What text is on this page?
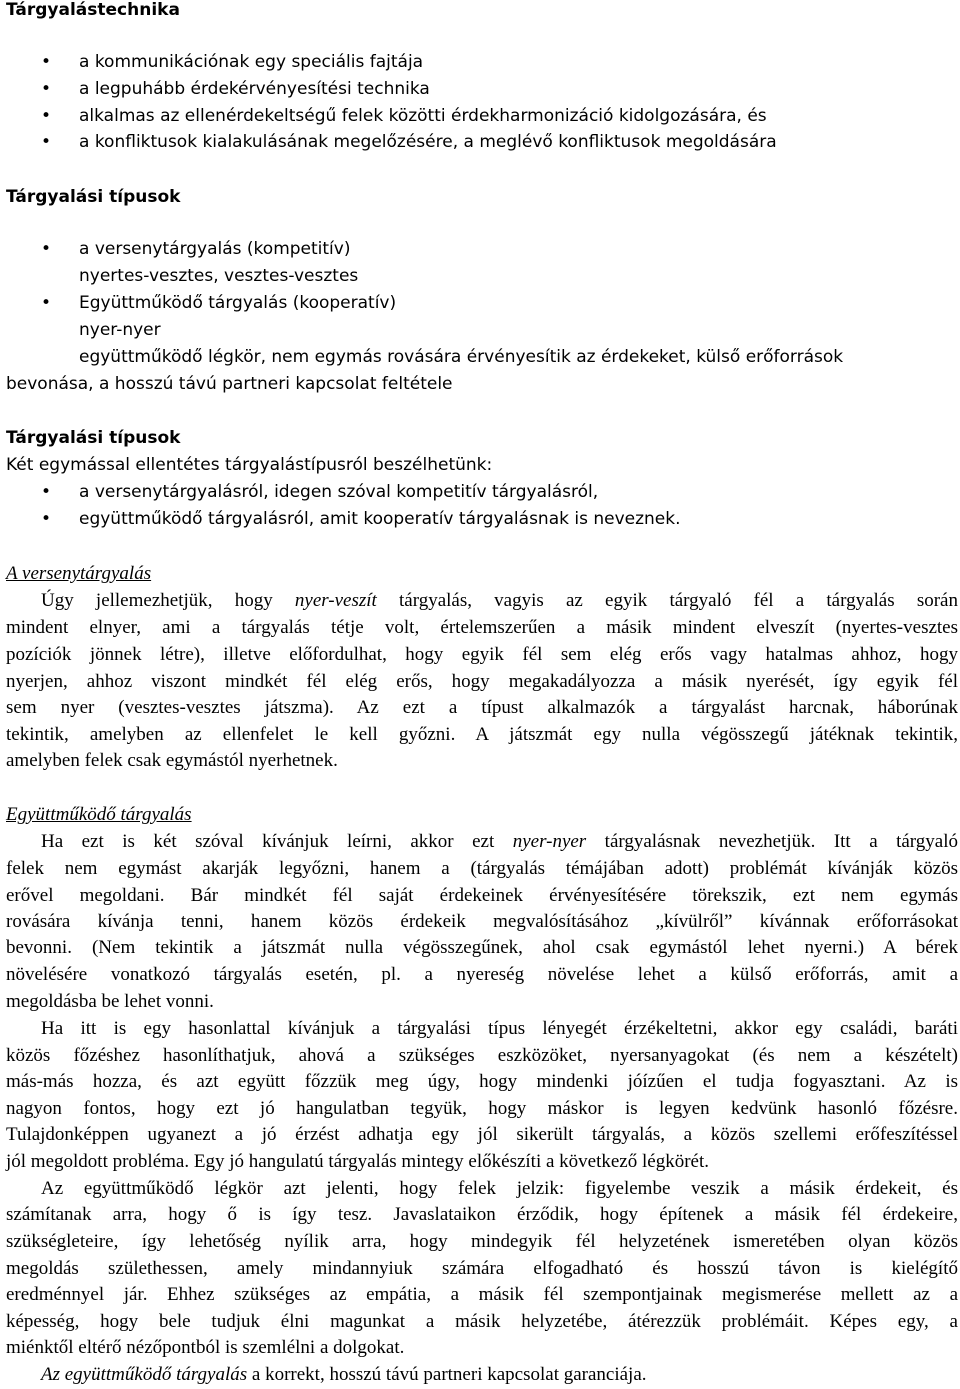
Tárgyalástechnika
• a kommunikációnak egy speciális fajtája
• a legpuhább érdekérvényesítési technika
• alkalmas az ellenérdekeltségű felek közötti érdekharmonizáció kidolgozására, és
• a konfliktusok kialakulásának megelőzésére, a meglévő konfliktusok megoldására
Tárgyalási típusok
• a versenytárgyalás (kompetitív)
nyertes-vesztes, vesztes-vesztes
• Együttműködő tárgyalás (kooperatív)
nyer-nyer
együttműködő légkör, nem egymás rovására érvényesítik az érdekeket, külső erőforrások
bevonása, a hosszú távú partneri kapcsolat feltétele
Tárgyalási típusok
Két egymással ellentétes tárgyalástípusról beszélhetünk:
• a versenytárgyalásról, idegen szóval kompetitív tárgyalásról,
• együttműködő tárgyalásról, amit kooperatív tárgyalásnak is neveznek.
A versenytárgyalás
Úgy jellemezhetjük, hogy nyer-veszít tárgyalás, vagyis az egyik tárgyaló fél a tárgyalás során
mindent elnyer, ami a tárgyalás tétje volt, értelemszerűen a másik mindent elveszít (nyertes-vesztes
pozíciók jönnek létre), illetve előfordulhat, hogy egyik fél sem elég erős vagy hatalmas ahhoz, hogy
nyerjen, ahhoz viszont mindkét fél elég erős, hogy megakadályozza a másik nyerését, így egyik fél
sem nyer (vesztes-vesztes játszma). Az ezt a típust alkalmazók a tárgyalást harcnak, háborúnak
tekintik, amelyben az ellenfelet le kell győzni. A játszmát egy nulla végösszegű játéknak tekintik,
amelyben felek csak egymástól nyerhetnek.
Együttműködő tárgyalás
Ha ezt is két szóval kívánjuk leírni, akkor ezt nyer-nyer tárgyalásnak nevezhetjük. Itt a tárgyaló
felek nem egymást akarják legyőzni, hanem a (tárgyalás témájában adott) problémát kívánják közös
erővel megoldani. Bár mindkét fél saját érdekeinek érvényesítésére törekszik, ezt nem egymás
rovására kívánja tenni, hanem közös érdekeik megvalósításához „kívülről” kívánnak erőforrásokat
bevonni. (Nem tekintik a játszmát nulla végösszegűnek, ahol csak egymástól lehet nyerni.) A bérek
növelésére vonatkozó tárgyalás esetén, pl. a nyereség növelése lehet a külső erőforrás, amit a
megoldásba be lehet vonni.
Ha itt is egy hasonlattal kívánjuk a tárgyalási típus lényegét érzékeltetni, akkor egy családi, baráti
közös főzéshez hasonlíthatjuk, ahová a szükséges eszközöket, nyersanyagokat (és nem a készételt)
más-más hozza, és azt együtt főzzük meg úgy, hogy mindenki jóízűen el tudja fogyasztani. Az is
nagyon fontos, hogy ezt jó hangulatban tegyük, hogy máskor is legyen kedvünk hasonló főzésre.
Tulajdonképpen ugyanezt a jó érzést adhatja egy jól sikerült tárgyalás, a közös szellemi erőfeszítéssel
jól megoldott probléma. Egy jó hangulatú tárgyalás mintegy előkészíti a következő légkörét.
Az együttműködő légkör azt jelenti, hogy felek jelzik: figyelembe veszik a másik érdekeit, és
számítanak arra, hogy ő is így tesz. Javaslataikon érződik, hogy építenek a másik fél érdekeire,
szükségleteire, így lehetőség nyílik arra, hogy mindegyik fél helyzetének ismeretében olyan közös
megoldás születhessen, amely mindannyiuk számára elfogadható és hosszú távon is kielégítő
eredménnyel jár. Ehhez szükséges az empátia, a másik fél szempontjainak megismerése mellett az a
képesség, hogy bele tudjuk élni magunkat a másik helyzetébe, átérezzük problémáit. Képes egy, a
miénktől eltérő nézőpontból is szemlélni a dolgokat.
Az együttműködő tárgyalás a korrekt, hosszú távú partneri kapcsolat garanciája.
